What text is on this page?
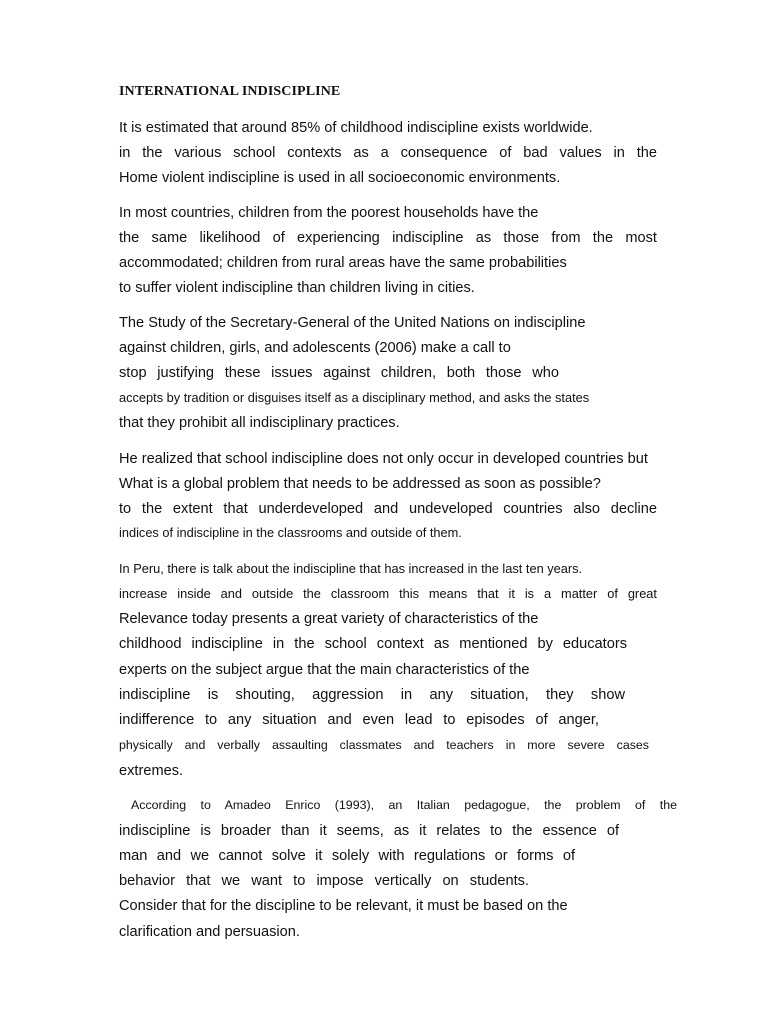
INTERNATIONAL INDISCIPLINE
It is estimated that around 85% of childhood indiscipline exists worldwide.
in the various school contexts as a consequence of bad values in the
Home violent indiscipline is used in all socioeconomic environments.
In most countries, children from the poorest households have the
the same likelihood of experiencing indiscipline as those from the most
accommodated; children from rural areas have the same probabilities
to suffer violent indiscipline than children living in cities.
The Study of the Secretary-General of the United Nations on indiscipline
against children, girls, and adolescents (2006) make a call to
stop justifying these issues against children, both those who
accepts by tradition or disguises itself as a disciplinary method, and asks the states
that they prohibit all indisciplinary practices.
He realized that school indiscipline does not only occur in developed countries but
What is a global problem that needs to be addressed as soon as possible?
to the extent that underdeveloped and undeveloped countries also decline
indices of indiscipline in the classrooms and outside of them.
In Peru, there is talk about the indiscipline that has increased in the last ten years.
increase inside and outside the classroom this means that it is a matter of great
Relevance today presents a great variety of characteristics of the
childhood indiscipline in the school context as mentioned by educators
experts on the subject argue that the main characteristics of the
indiscipline is shouting, aggression in any situation, they show
indifference to any situation and even lead to episodes of anger,
physically and verbally assaulting classmates and teachers in more severe cases
extremes.
According to Amadeo Enrico (1993), an Italian pedagogue, the problem of the
indiscipline is broader than it seems, as it relates to the essence of
man and we cannot solve it solely with regulations or forms of
behavior that we want to impose vertically on students.
Consider that for the discipline to be relevant, it must be based on the
clarification and persuasion.
